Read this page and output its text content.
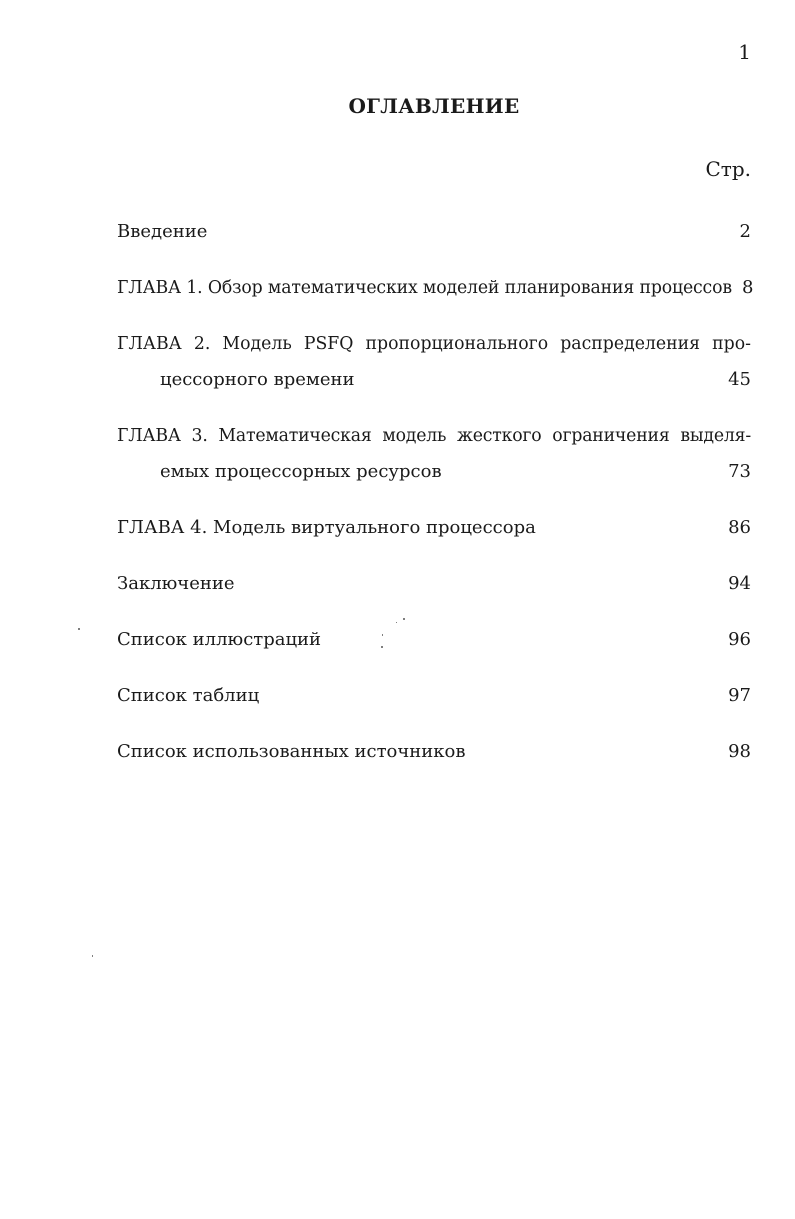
1
ОГЛАВЛЕНИЕ
Стр.
Введение	2
ГЛАВА 1. Обзор математических моделей планирования процессов 8
ГЛАВА 2. Модель PSFQ пропорционального распределения про-
цессорного времени	45
ГЛАВА 3. Математическая модель жесткого ограничения выделя-
емых процессорных ресурсов	73
ГЛАВА 4. Модель виртуального процессора	86
Заключение	94
Список иллюстраций	96
Список таблиц	97
Список использованных источников	98
